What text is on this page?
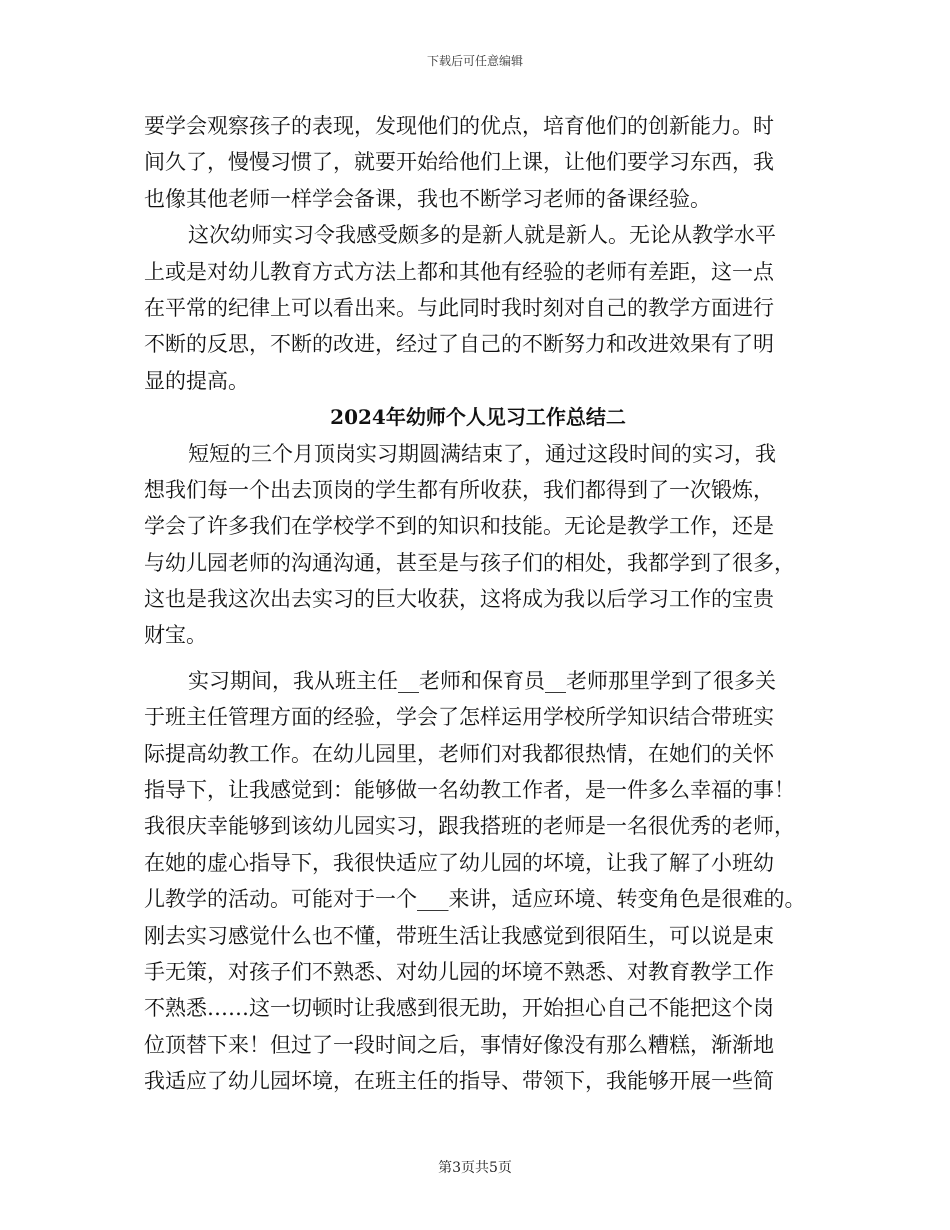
下载后可任意编辑
要学会观察孩子的表现，发现他们的优点，培育他们的创新能力。时
间久了，慢慢习惯了，就要开始给他们上课，让他们要学习东西，我
也像其他老师一样学会备课，我也不断学习老师的备课经验。
这次幼师实习令我感受颇多的是新人就是新人。无论从教学水平
上或是对幼儿教育方式方法上都和其他有经验的老师有差距，这一点
在平常的纪律上可以看出来。与此同时我时刻对自己的教学方面进行
不断的反思，不断的改进，经过了自己的不断努力和改进效果有了明
显的提高。
2024年幼师个人见习工作总结二
短短的三个月顶岗实习期圆满结束了，通过这段时间的实习，我
想我们每一个出去顶岗的学生都有所收获，我们都得到了一次锻炼，
学会了许多我们在学校学不到的知识和技能。无论是教学工作，还是
与幼儿园老师的沟通沟通，甚至是与孩子们的相处，我都学到了很多，
这也是我这次出去实习的巨大收获，这将成为我以后学习工作的宝贵
财宝。
实习期间，我从班主任__老师和保育员__老师那里学到了很多关
于班主任管理方面的经验，学会了怎样运用学校所学知识结合带班实
际提高幼教工作。在幼儿园里，老师们对我都很热情，在她们的关怀
指导下，让我感觉到：能够做一名幼教工作者，是一件多么幸福的事！
我很庆幸能够到该幼儿园实习，跟我搭班的老师是一名很优秀的老师，
在她的虚心指导下，我很快适应了幼儿园的坏境，让我了解了小班幼
儿教学的活动。可能对于一个___来讲，适应环境、转变角色是很难的。
刚去实习感觉什么也不懂，带班生活让我感觉到很陌生，可以说是束
手无策，对孩子们不熟悉、对幼儿园的坏境不熟悉、对教育教学工作
不熟悉……这一切顿时让我感到很无助，开始担心自己不能把这个岗
位顶替下来！但过了一段时间之后，事情好像没有那么糟糕，渐渐地
我适应了幼儿园坏境，在班主任的指导、带领下，我能够开展一些简
第3页共5页
